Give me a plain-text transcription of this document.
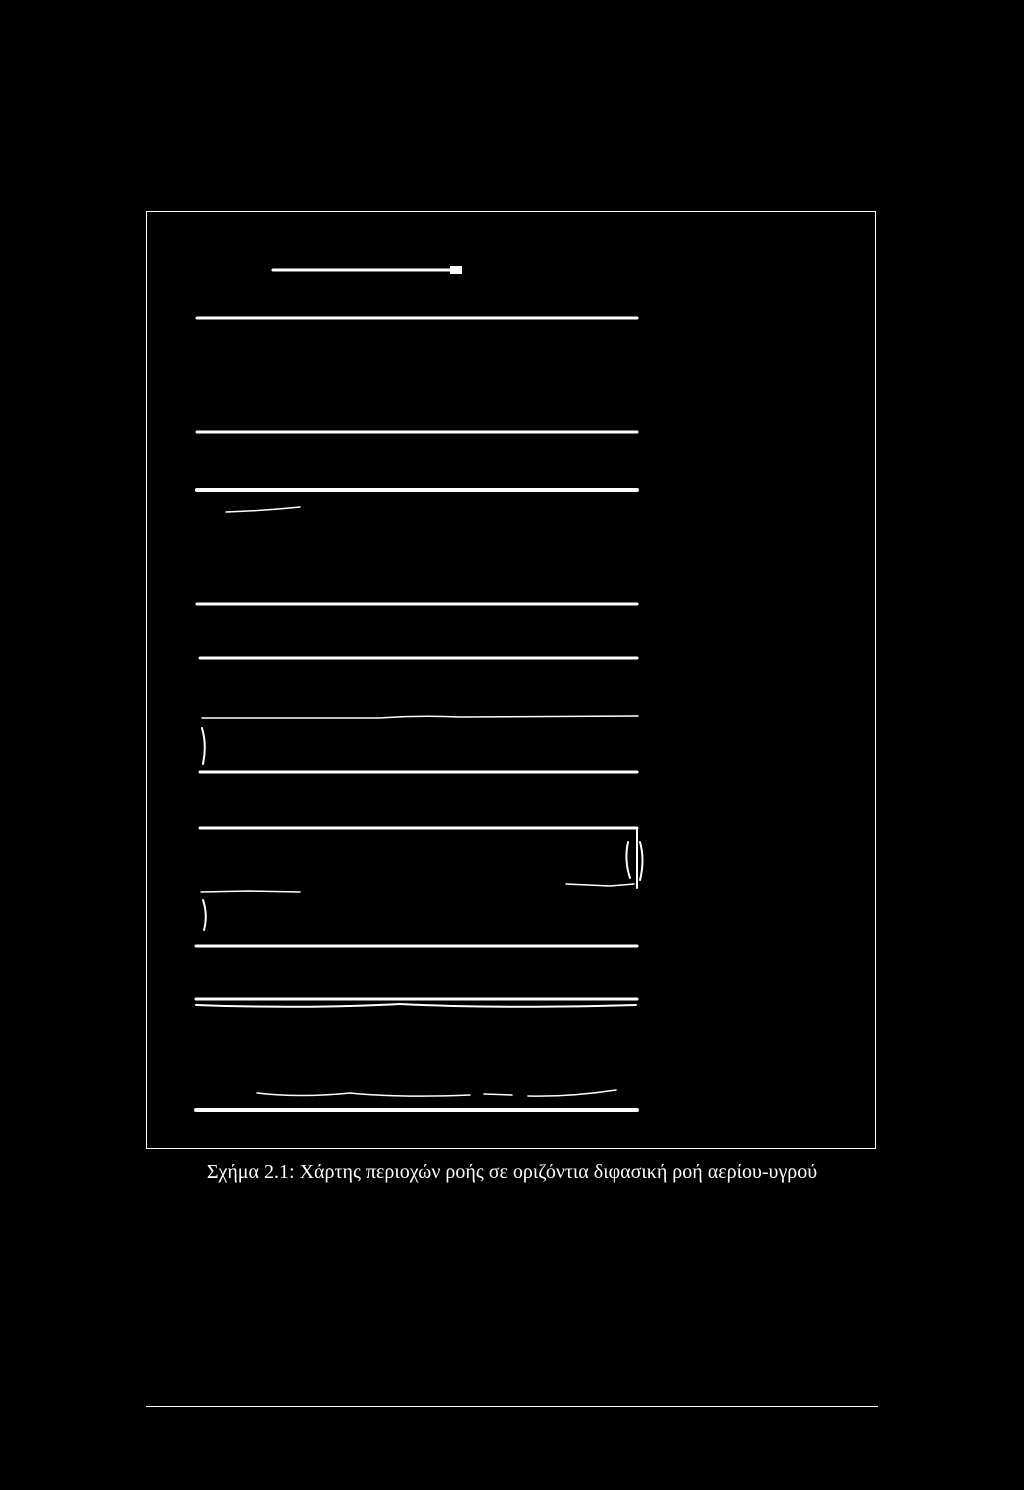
Σχήμα 2.1: Χάρτης περιοχών ροής σε οριζόντια διφασική ροή αερίου-υγρού
